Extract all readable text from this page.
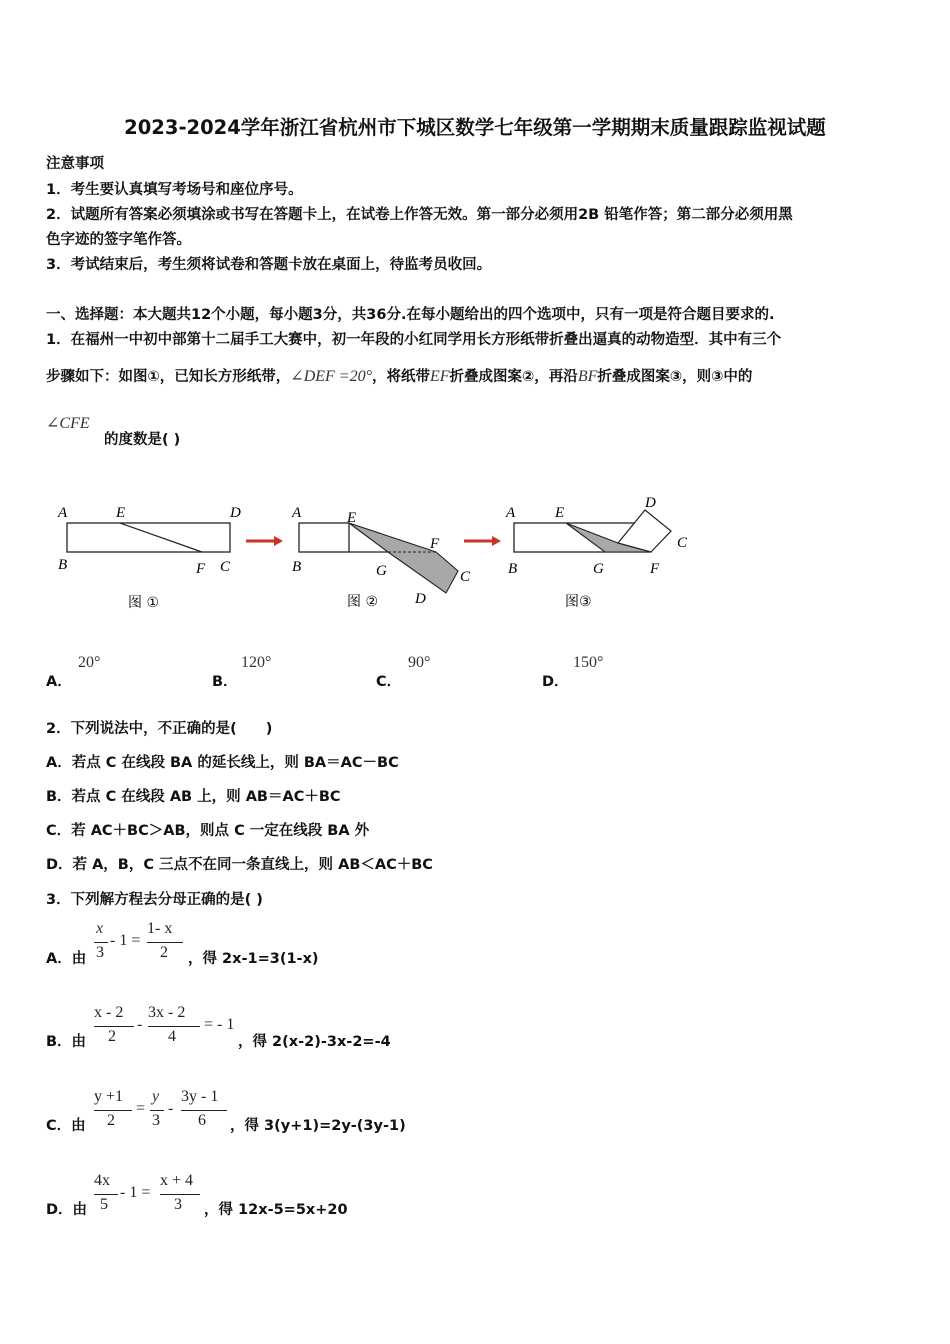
2023-2024学年浙江省杭州市下城区数学七年级第一学期期末质量跟踪监视试题
注意事项
1．考生要认真填写考场号和座位序号。
2．试题所有答案必须填涂或书写在答题卡上，在试卷上作答无效。第一部分必须用2B 铅笔作答；第二部分必须用黑
色字迹的签字笔作答。
3．考试结束后，考生须将试卷和答题卡放在桌面上，待监考员收回。
一、选择题：本大题共12个小题，每小题3分，共36分.在每小题给出的四个选项中，只有一项是符合题目要求的.
1．在福州一中初中部第十二届手工大赛中，初一年段的小红同学用长方形纸带折叠出逼真的动物造型．其中有三个
步骤如下：如图①，已知长方形纸带，∠DEF =20°，将纸带EF折叠成图案②，再沿BF折叠成图案③，则③中的
∠CFE
的度数是( )
A	E	D
B	F C
A	E
F
B	G	C
D
A	E
D
C
B	G	F
图 ①	图 ②	图③
A．
20°
B．
120°
C．
90°
D．
150°
2．下列说法中，不正确的是(　　)
A．若点 C 在线段 BA 的延长线上，则 BA＝AC－BC
B．若点 C 在线段 AB 上，则 AB＝AC＋BC
C．若 AC＋BC＞AB，则点 C 一定在线段 BA 外
D．若 A，B，C 三点不在同一条直线上，则 AB＜AC＋BC
3．下列解方程去分母正确的是( )
A．由
x
3
- 1 =
1- x
2 ，得 2x-1=3(1-x)
B．由
x - 2
2
-
3x - 2
4
= - 1
，得 2(x-2)-3x-2=-4
C．由
y +1
2
=
y
3
-
3y - 1
6 ，得 3(y+1)=2y-(3y-1)
D．由
4x
5
- 1 =
x + 4
3 ，得 12x-5=5x+20
